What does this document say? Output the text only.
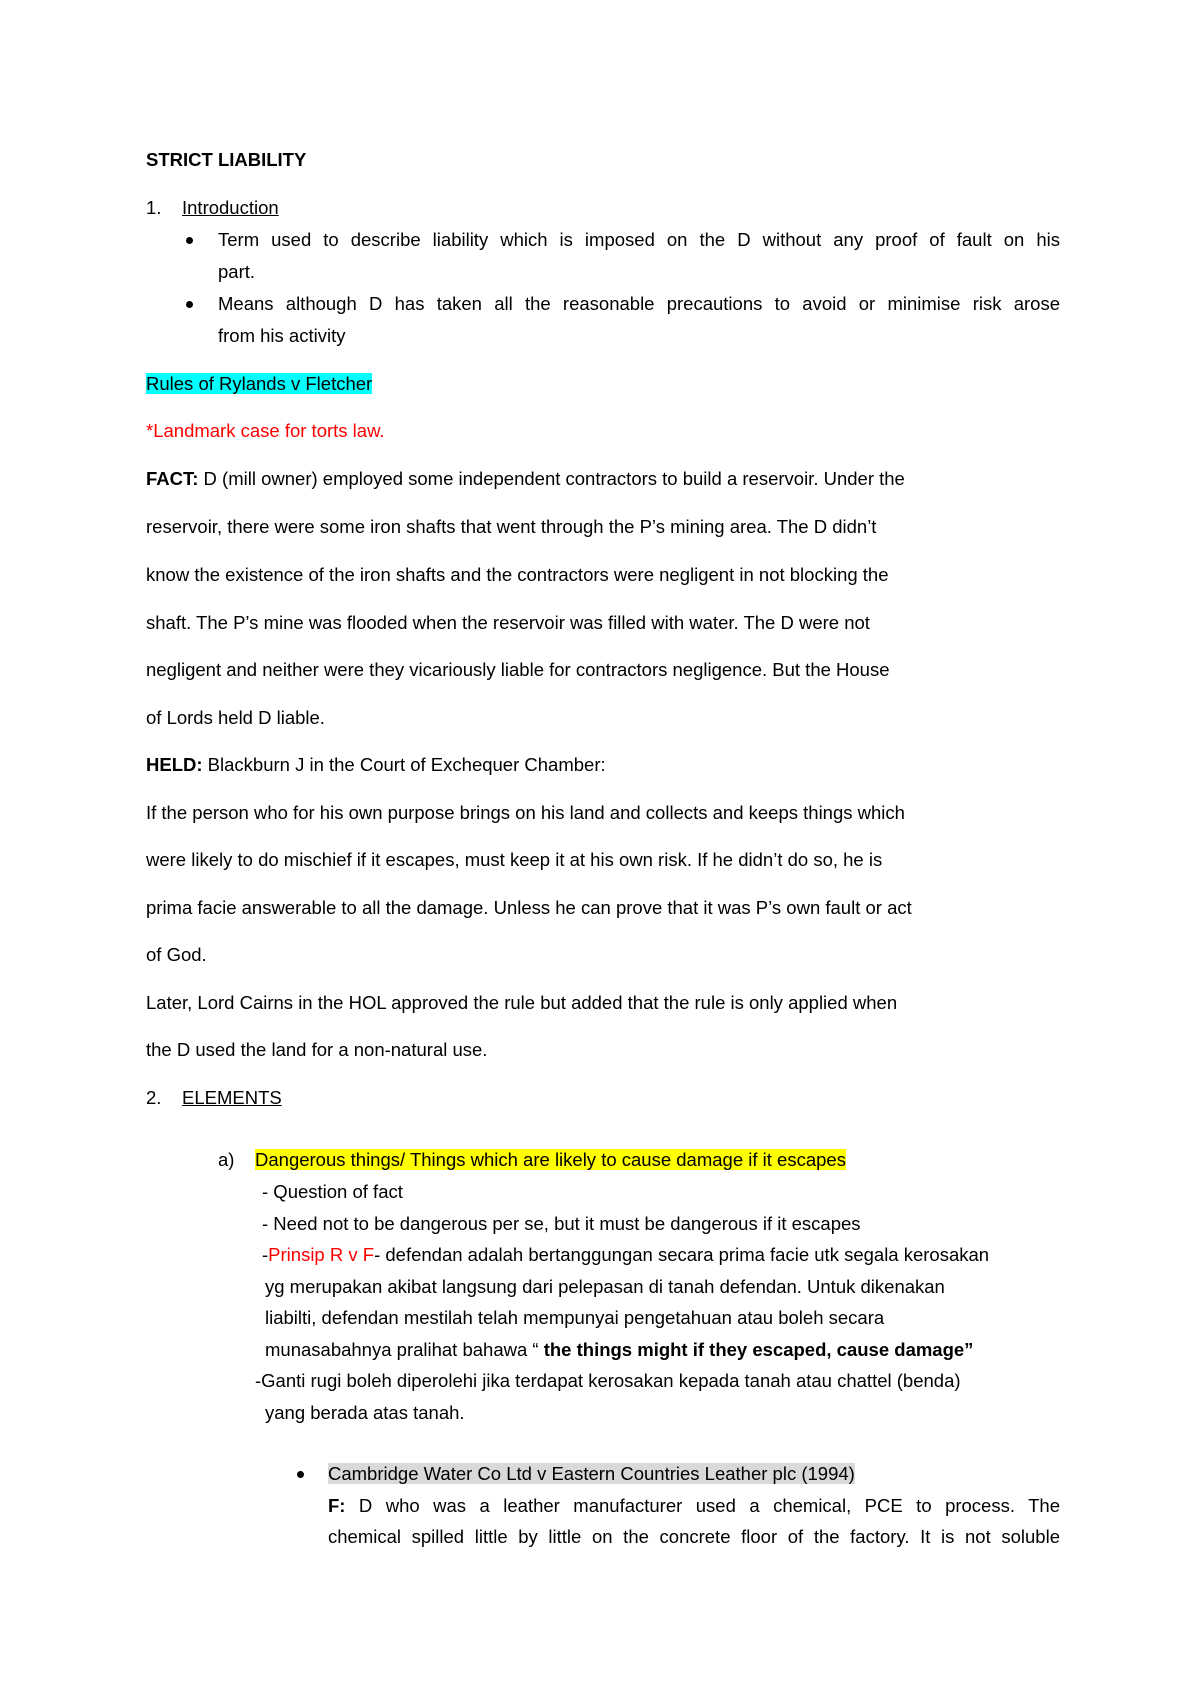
STRICT LIABILITY
1. Introduction
Term used to describe liability which is imposed on the D without any proof of fault on his
part.
Means although D has taken all the reasonable precautions to avoid or minimise risk arose
from his activity
Rules of Rylands v Fletcher
*Landmark case for torts law.
FACT: D (mill owner) employed some independent contractors to build a reservoir. Under the
reservoir, there were some iron shafts that went through the P’s mining area. The D didn’t
know the existence of the iron shafts and the contractors were negligent in not blocking the
shaft. The P’s mine was flooded when the reservoir was filled with water. The D were not
negligent and neither were they vicariously liable for contractors negligence. But the House
of Lords held D liable.
HELD: Blackburn J in the Court of Exchequer Chamber:
If the person who for his own purpose brings on his land and collects and keeps things which
were likely to do mischief if it escapes, must keep it at his own risk. If he didn’t do so, he is
prima facie answerable to all the damage. Unless he can prove that it was P’s own fault or act
of God.
Later, Lord Cairns in the HOL approved the rule but added that the rule is only applied when
the D used the land for a non-natural use.
2. ELEMENTS
a) Dangerous things/ Things which are likely to cause damage if it escapes
- Question of fact
- Need not to be dangerous per se, but it must be dangerous if it escapes
-Prinsip R v F- defendan adalah bertanggungan secara prima facie utk segala kerosakan
yg merupakan akibat langsung dari pelepasan di tanah defendan. Untuk dikenakan
liabilti, defendan mestilah telah mempunyai pengetahuan atau boleh secara
munasabahnya pralihat bahawa “ the things might if they escaped, cause damage”
-Ganti rugi boleh diperolehi jika terdapat kerosakan kepada tanah atau chattel (benda)
yang berada atas tanah.
Cambridge Water Co Ltd v Eastern Countries Leather plc (1994)
F: D who was a leather manufacturer used a chemical, PCE to process. The
chemical spilled little by little on the concrete floor of the factory. It is not soluble
